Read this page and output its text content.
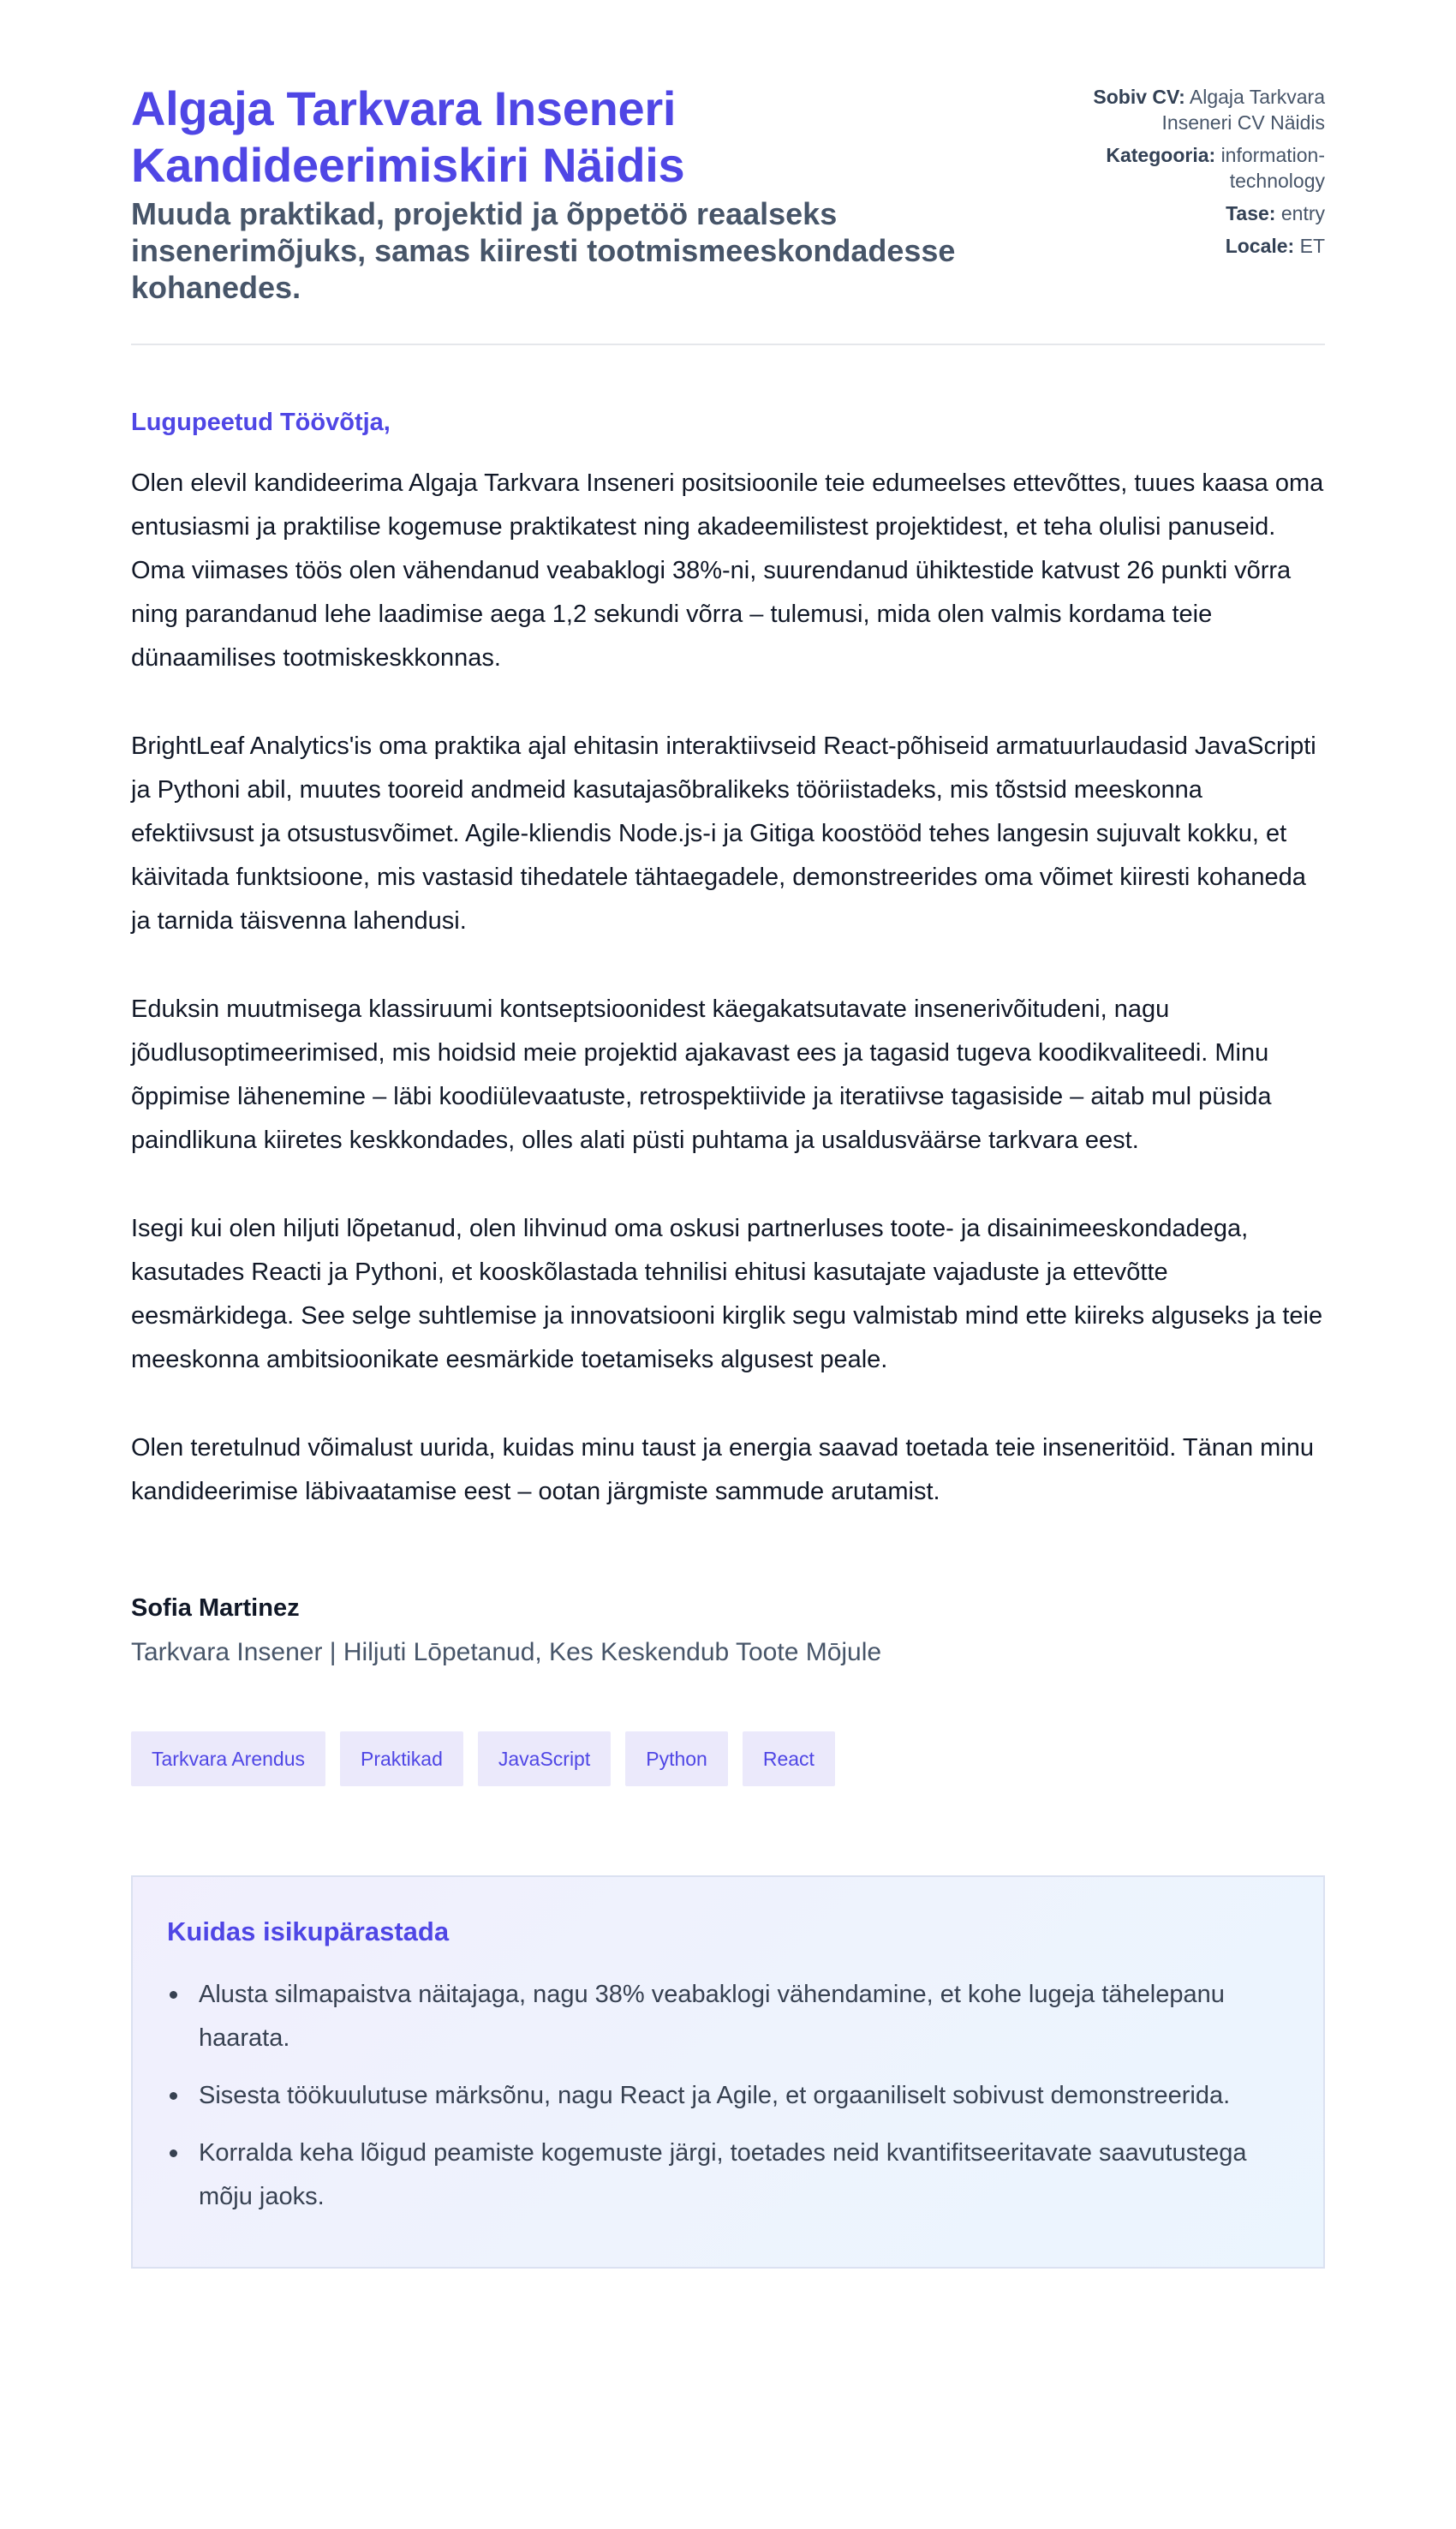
Algaja Tarkvara Inseneri Kandideerimiskiri Näidis

Muuda praktikad, projektid ja õppetöö reaalseks insenerimõjuks, samas kiiresti tootmismeeskondadesse kohanedes.

Sobiv CV: Algaja Tarkvara Inseneri CV Näidis
Kategooria: information-technology
Tase: entry
Locale: ET

Lugupeetud Töövõtja,

Olen elevil kandideerima Algaja Tarkvara Inseneri positsioonile teie edumeelses ettevõttes, tuues kaasa oma entusiasmi ja praktilise kogemuse praktikatest ning akadeemilistest projektidest, et teha olulisi panuseid. Oma viimases töös olen vähendanud veabaklogi 38%-ni, suurendanud ühiktestide katvust 26 punkti võrra ning parandanud lehe laadimise aega 1,2 sekundi võrra – tulemusi, mida olen valmis kordama teie dünaamilises tootmiskeskkonnas.

BrightLeaf Analytics'is oma praktika ajal ehitasin interaktiivseid React-põhiseid armatuurlaudasid JavaScripti ja Pythoni abil, muutes tooreid andmeid kasutajasõbralikeks tööriistadeks, mis tõstsid meeskonna efektiivsust ja otsustusvõimet. Agile-kliendis Node.js-i ja Gitiga koostööd tehes langesin sujuvalt kokku, et käivitada funktsioone, mis vastasid tihedatele tähtaegadele, demonstreerides oma võimet kiiresti kohaneda ja tarnida täisvenna lahendusi.

Eduksin muutmisega klassiruumi kontseptsioonidest käegakatsutavate insenerivõitudeni, nagu jõudlusoptimeerimised, mis hoidsid meie projektid ajakavast ees ja tagasid tugeva koodikvaliteedi. Minu õppimise lähenemine – läbi koodiülevaatuste, retrospektiivide ja iteratiivse tagasiside – aitab mul püsida paindlikuna kiiretes keskkondades, olles alati püsti puhtama ja usaldusväärse tarkvara eest.

Isegi kui olen hiljuti lõpetanud, olen lihvinud oma oskusi partnerluses toote- ja disainimeeskondadega, kasutades Reacti ja Pythoni, et kooskõlastada tehnilisi ehitusi kasutajate vajaduste ja ettevõtte eesmärkidega. See selge suhtlemise ja innovatsiooni kirglik segu valmistab mind ette kiireks alguseks ja teie meeskonna ambitsioonikate eesmärkide toetamiseks algusest peale.

Olen teretulnud võimalust uurida, kuidas minu taust ja energia saavad toetada teie inseneritöid. Tänan minu kandideerimise läbivaatamise eest – ootan järgmiste sammude arutamist.

Sofia Martinez

Tarkvara Insener | Hiljuti Lōpetanud, Kes Keskendub Toote Mōjule

Tarkvara Arendus	Praktikad	JavaScript	Python	React
Kuidas isikupärastada
Alusta silmapaistva näitajaga, nagu 38% veabaklogi vähendamine, et kohe lugeja tähelepanu haarata.
Sisesta töökuulutuse märksõnu, nagu React ja Agile, et orgaaniliselt sobivust demonstreerida.
Korralda keha lõigud peamiste kogemuste järgi, toetades neid kvantifitseeritavate saavutustega mõju jaoks.
